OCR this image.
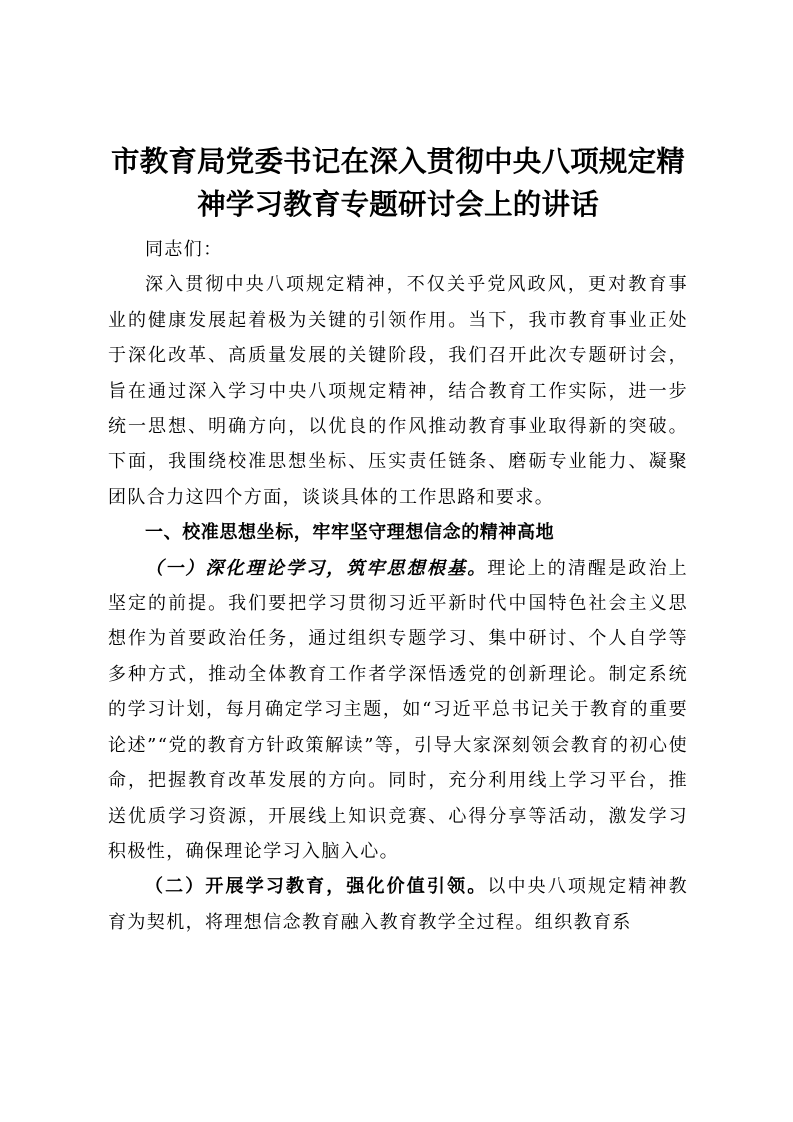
市教育局党委书记在深入贯彻中央八项规定精
神学习教育专题研讨会上的讲话

同志们：

深入贯彻中央八项规定精神，不仅关乎党风政风，更对教育事业的健康发展起着极为关键的引领作用。当下，我市教育事业正处于深化改革、高质量发展的关键阶段，我们召开此次专题研讨会，旨在通过深入学习中央八项规定精神，结合教育工作实际，进一步统一思想、明确方向，以优良的作风推动教育事业取得新的突破。下面，我围绕校准思想坐标、压实责任链条、磨砺专业能力、凝聚团队合力这四个方面，谈谈具体的工作思路和要求。

一、校准思想坐标，牢牢坚守理想信念的精神高地

（一）深化理论学习，筑牢思想根基。理论上的清醒是政治上坚定的前提。我们要把学习贯彻习近平新时代中国特色社会主义思想作为首要政治任务，通过组织专题学习、集中研讨、个人自学等多种方式，推动全体教育工作者学深悟透党的创新理论。制定系统的学习计划，每月确定学习主题，如“习近平总书记关于教育的重要论述”“党的教育方针政策解读”等，引导大家深刻领会教育的初心使命，把握教育改革发展的方向。同时，充分利用线上学习平台，推送优质学习资源，开展线上知识竞赛、心得分享等活动，激发学习积极性，确保理论学习入脑入心。

（二）开展学习教育，强化价值引领。以中央八项规定精神教育为契机，将理想信念教育融入教育教学全过程。组织教育系
